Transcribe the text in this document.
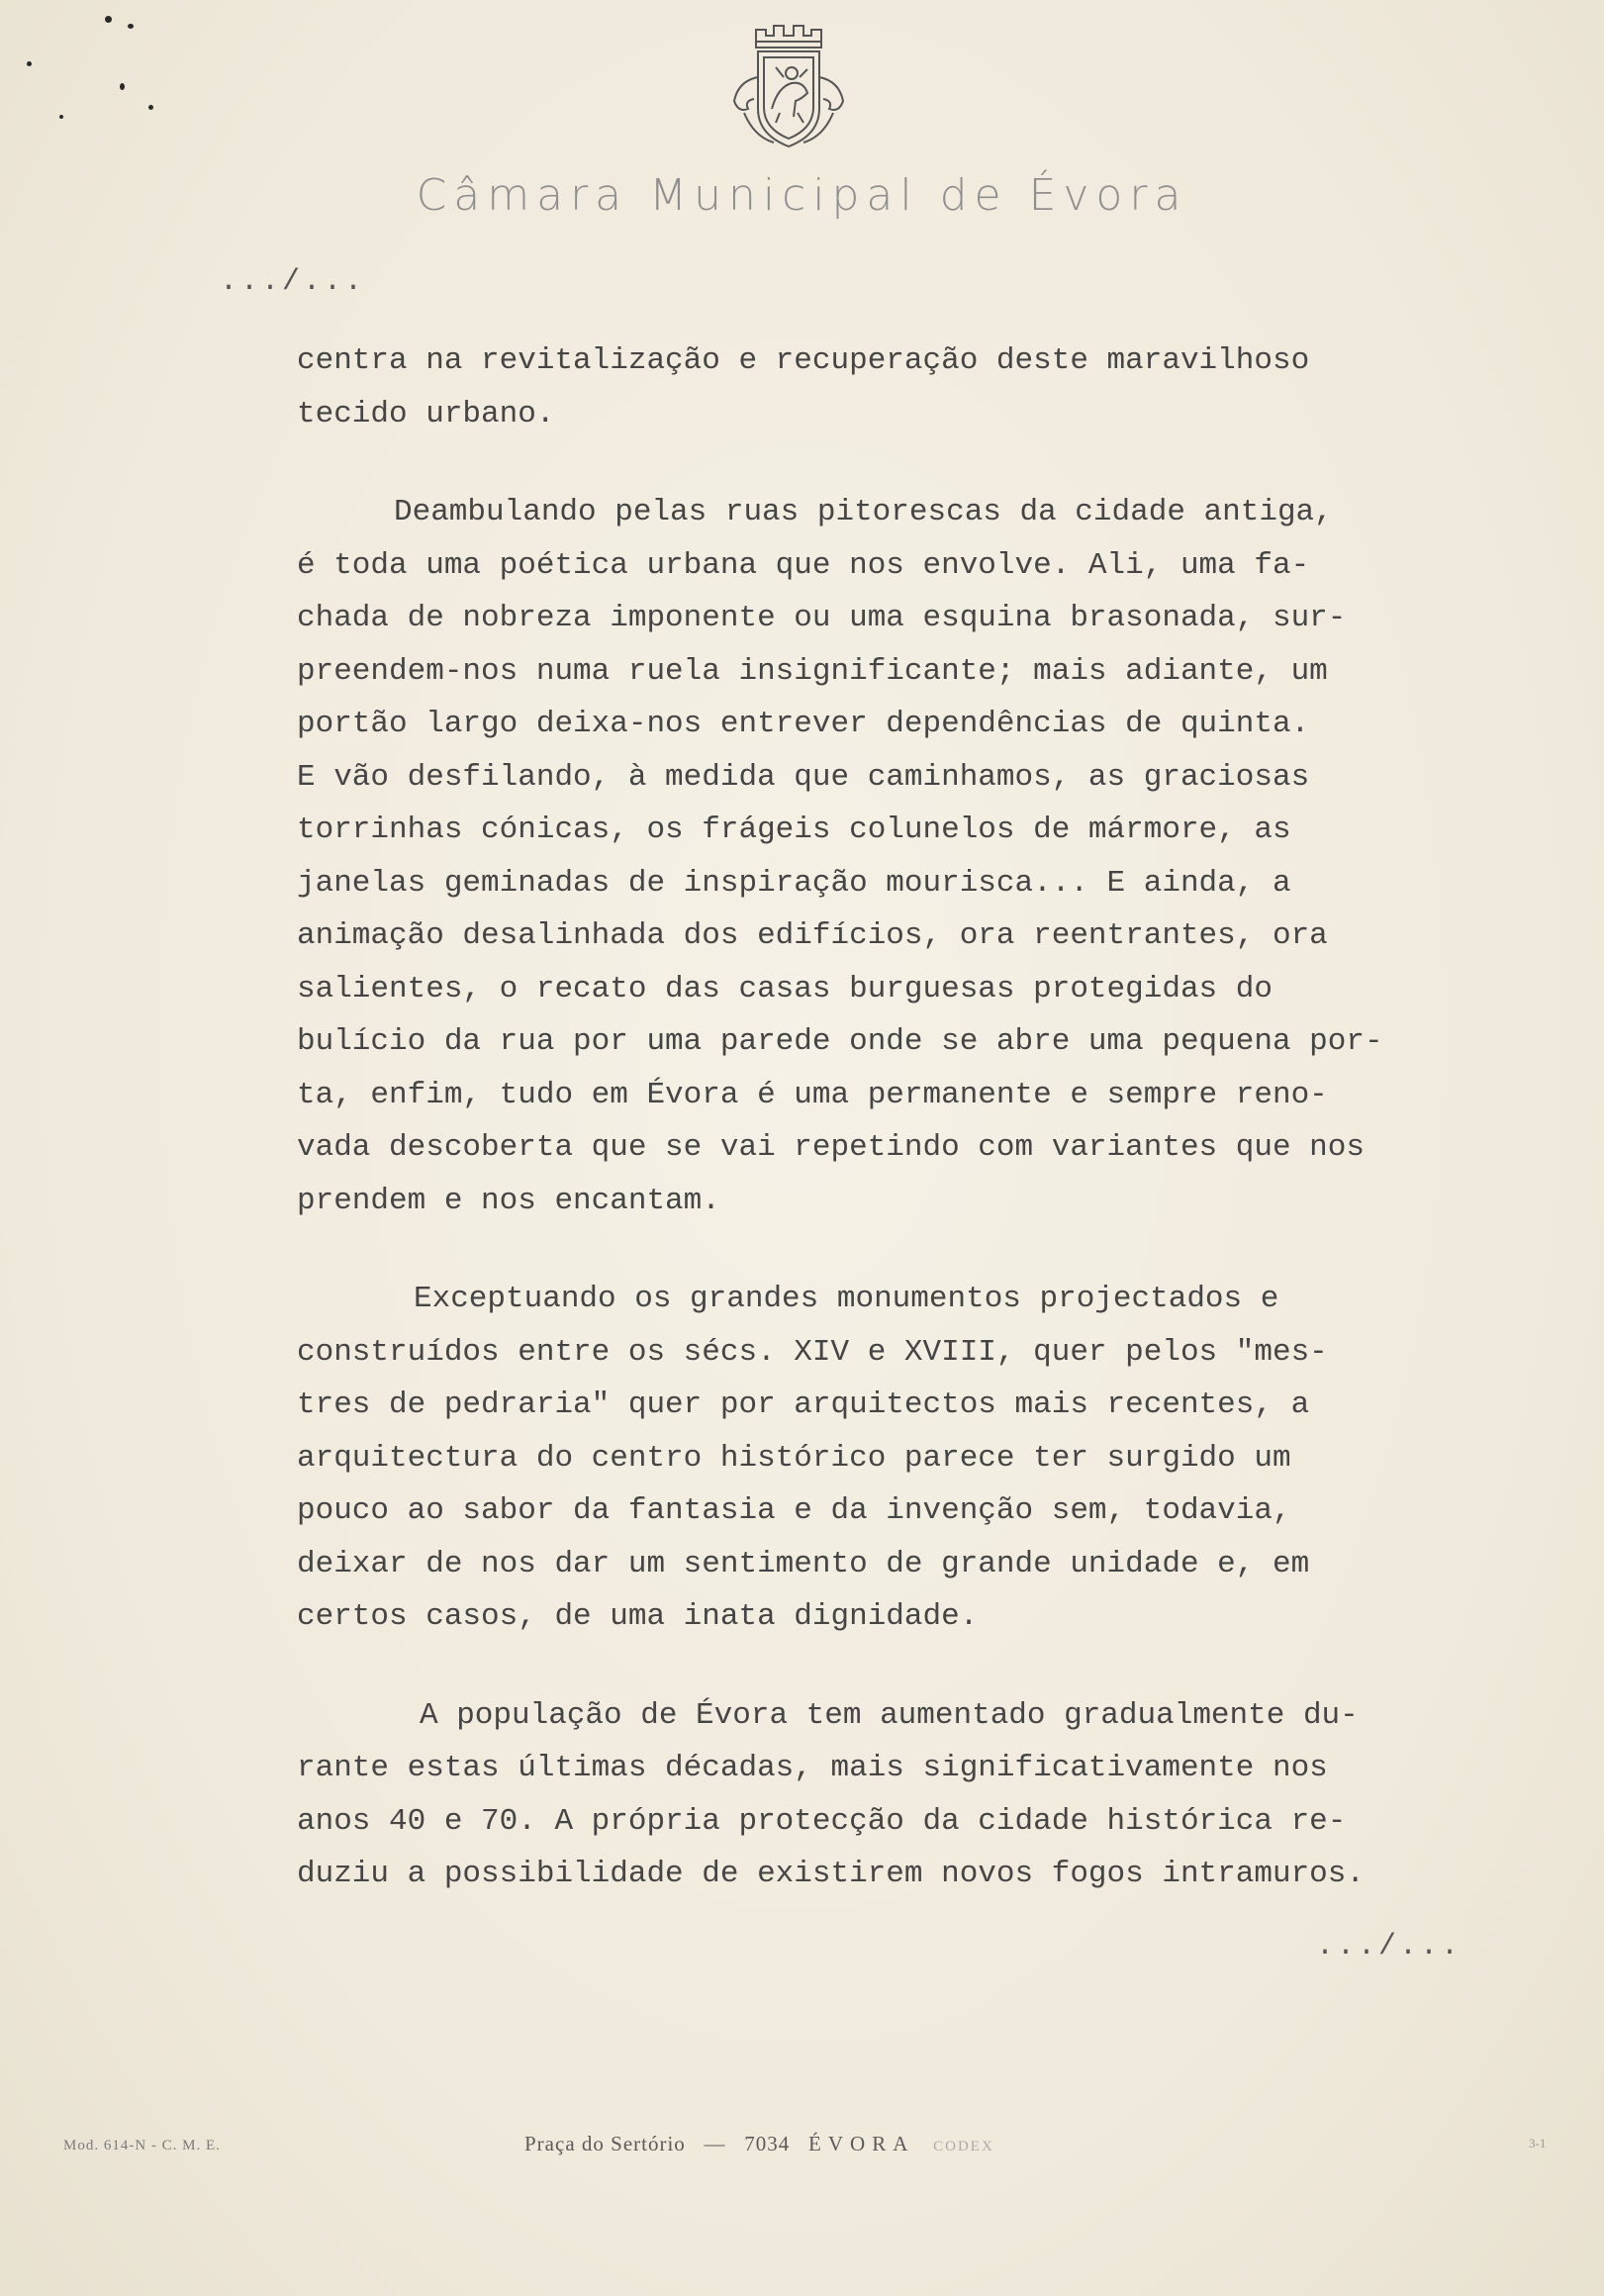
Câmara Municipal de Évora
.../...

centra na revitalização e recuperação deste maravilhoso
tecido urbano.

Deambulando pelas ruas pitorescas da cidade antiga,
é toda uma poética urbana que nos envolve. Ali, uma fa-
chada de nobreza imponente ou uma esquina brasonada, sur-
preendem-nos numa ruela insignificante; mais adiante, um
portão largo deixa-nos entrever dependências de quinta.
E vão desfilando, à medida que caminhamos, as graciosas
torrinhas cónicas, os frágeis colunelos de mármore, as
janelas geminadas de inspiração mourisca... E ainda, a
animação desalinhada dos edifícios, ora reentrantes, ora
salientes, o recato das casas burguesas protegidas do
bulício da rua por uma parede onde se abre uma pequena por-
ta, enfim, tudo em Évora é uma permanente e sempre reno-
vada descoberta que se vai repetindo com variantes que nos
prendem e nos encantam.

Exceptuando os grandes monumentos projectados e
construídos entre os sécs. XIV e XVIII, quer pelos "mes-
tres de pedraria" quer por arquitectos mais recentes, a
arquitectura do centro histórico parece ter surgido um
pouco ao sabor da fantasia e da invenção sem, todavia,
deixar de nos dar um sentimento de grande unidade e, em
certos casos, de uma inata dignidade.

A população de Évora tem aumentado gradualmente du-
rante estas últimas décadas, mais significativamente nos
anos 40 e 70. A própria protecção da cidade histórica re-
duziu a possibilidade de existirem novos fogos intramuros.

.../...
Mod. 614-N - C. M. E.	Praça do Sertório — 7034 ÉVORA CODEX	3-1
